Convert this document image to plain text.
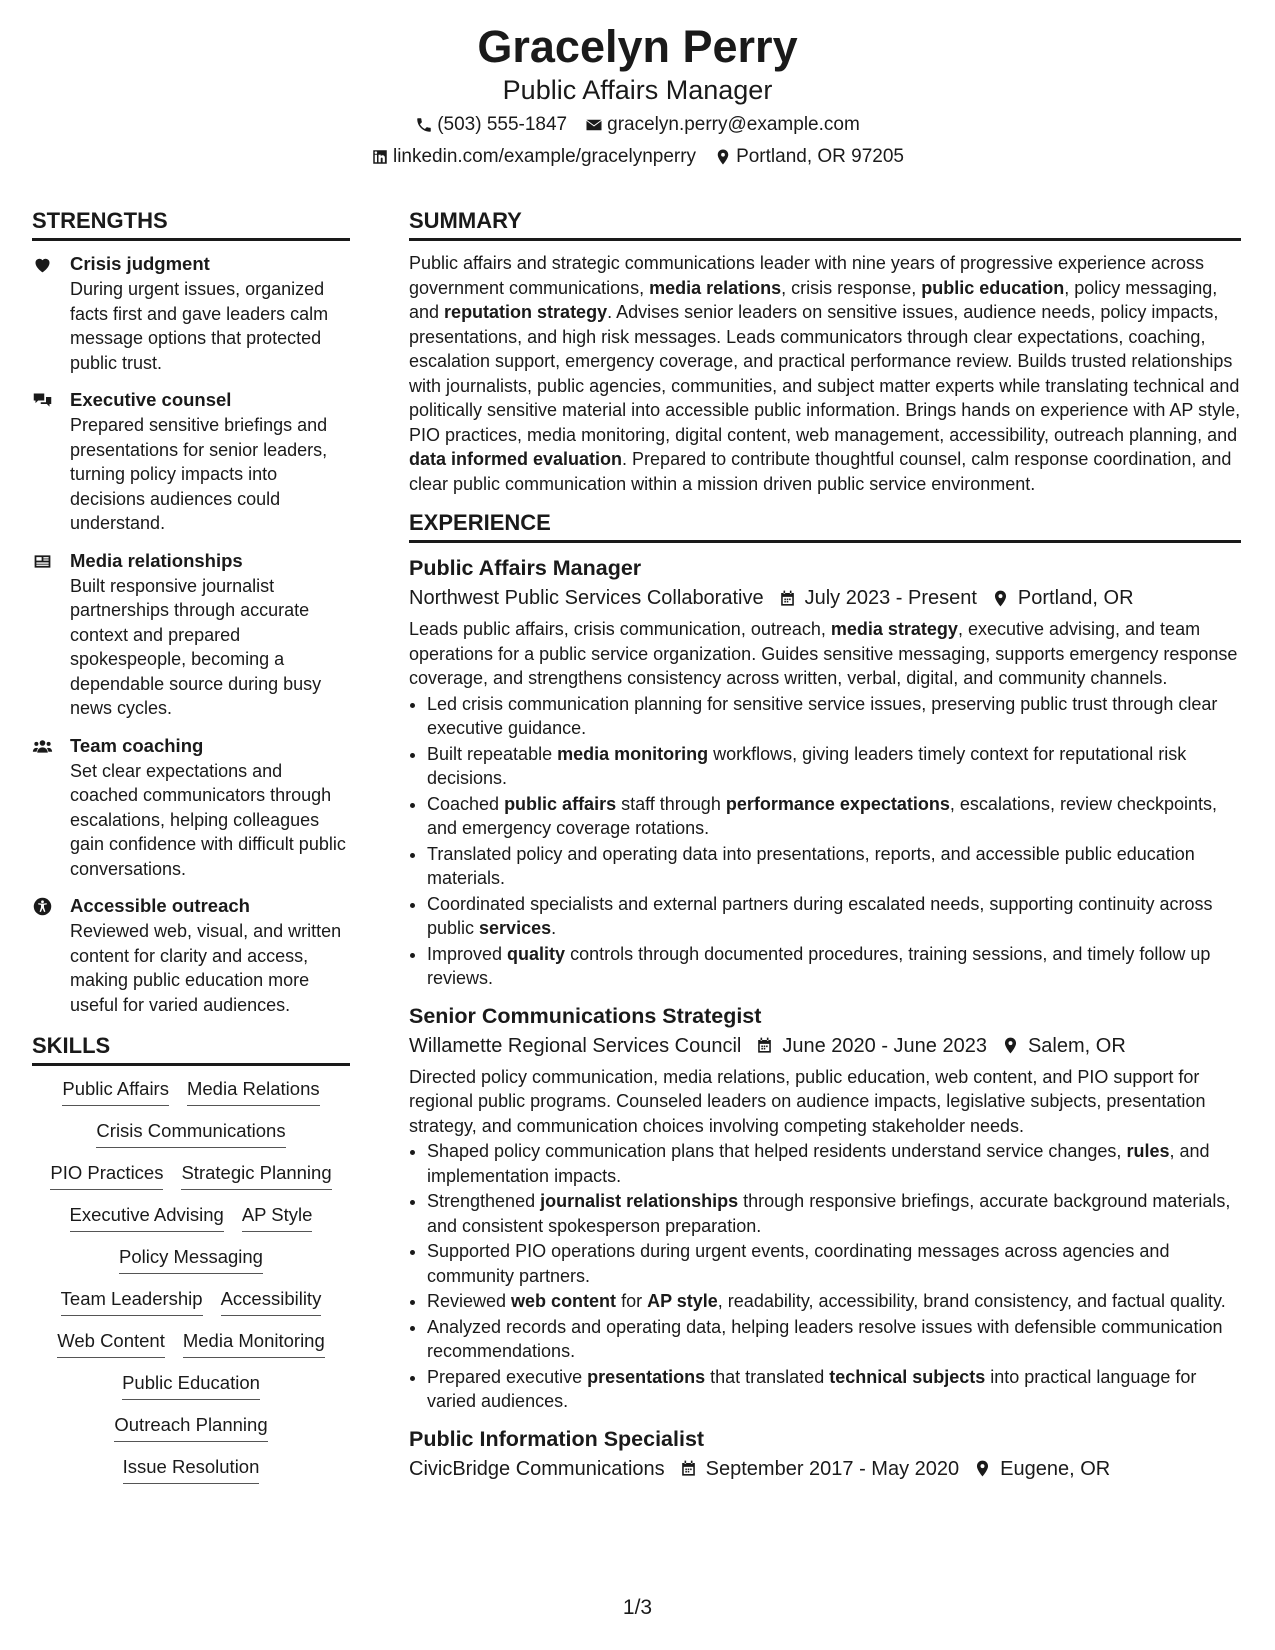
Gracelyn Perry
Public Affairs Manager
(503) 555-1847 gracelyn.perry@example.com
linkedin.com/example/gracelynperry Portland, OR 97205
STRENGTHS
Crisis judgment
During urgent issues, organized facts first and gave leaders calm message options that protected public trust.
Executive counsel
Prepared sensitive briefings and presentations for senior leaders, turning policy impacts into decisions audiences could understand.
Media relationships
Built responsive journalist partnerships through accurate context and prepared spokespeople, becoming a dependable source during busy news cycles.
Team coaching
Set clear expectations and coached communicators through escalations, helping colleagues gain confidence with difficult public conversations.
Accessible outreach
Reviewed web, visual, and written content for clarity and access, making public education more useful for varied audiences.
SKILLS
Public Affairs Media Relations
Crisis Communications
PIO Practices Strategic Planning
Executive Advising AP Style
Policy Messaging
Team Leadership Accessibility
Web Content Media Monitoring
Public Education
Outreach Planning
Issue Resolution
SUMMARY
Public affairs and strategic communications leader with nine years of progressive experience across government communications, media relations, crisis response, public education, policy messaging, and reputation strategy. Advises senior leaders on sensitive issues, audience needs, policy impacts, presentations, and high risk messages. Leads communicators through clear expectations, coaching, escalation support, emergency coverage, and practical performance review. Builds trusted relationships with journalists, public agencies, communities, and subject matter experts while translating technical and politically sensitive material into accessible public information. Brings hands on experience with AP style, PIO practices, media monitoring, digital content, web management, accessibility, outreach planning, and data informed evaluation. Prepared to contribute thoughtful counsel, calm response coordination, and clear public communication within a mission driven public service environment.
EXPERIENCE
Public Affairs Manager
Northwest Public Services Collaborative July 2023 - Present Portland, OR
Leads public affairs, crisis communication, outreach, media strategy, executive advising, and team operations for a public service organization. Guides sensitive messaging, supports emergency response coverage, and strengthens consistency across written, verbal, digital, and community channels.
• Led crisis communication planning for sensitive service issues, preserving public trust through clear executive guidance.
• Built repeatable media monitoring workflows, giving leaders timely context for reputational risk decisions.
• Coached public affairs staff through performance expectations, escalations, review checkpoints, and emergency coverage rotations.
• Translated policy and operating data into presentations, reports, and accessible public education materials.
• Coordinated specialists and external partners during escalated needs, supporting continuity across public services.
• Improved quality controls through documented procedures, training sessions, and timely follow up reviews.
Senior Communications Strategist
Willamette Regional Services Council June 2020 - June 2023 Salem, OR
Directed policy communication, media relations, public education, web content, and PIO support for regional public programs. Counseled leaders on audience impacts, legislative subjects, presentation strategy, and communication choices involving competing stakeholder needs.
• Shaped policy communication plans that helped residents understand service changes, rules, and implementation impacts.
• Strengthened journalist relationships through responsive briefings, accurate background materials, and consistent spokesperson preparation.
• Supported PIO operations during urgent events, coordinating messages across agencies and community partners.
• Reviewed web content for AP style, readability, accessibility, brand consistency, and factual quality.
• Analyzed records and operating data, helping leaders resolve issues with defensible communication recommendations.
• Prepared executive presentations that translated technical subjects into practical language for varied audiences.
Public Information Specialist
CivicBridge Communications September 2017 - May 2020 Eugene, OR
1/3
